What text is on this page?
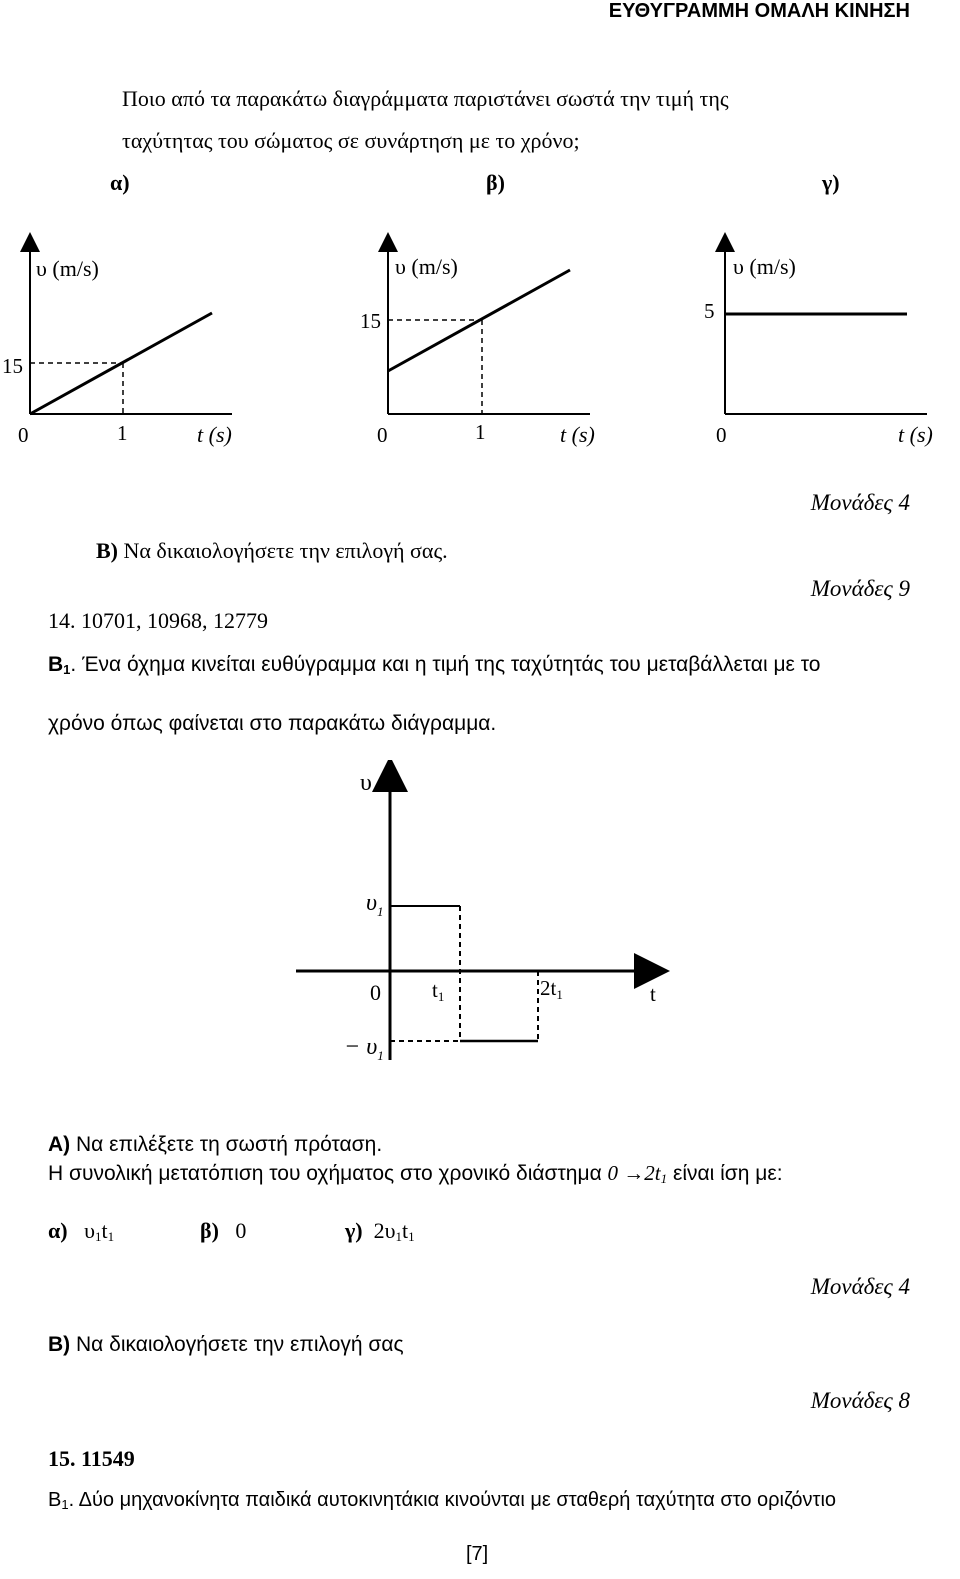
ΕΥΘΥΓΡΑΜΜΗ ΟΜΑΛΗ ΚΙΝΗΣΗ
Ποιο από τα παρακάτω διαγράμματα παριστάνει σωστά την τιμή της
ταχύτητας του σώματος σε συνάρτηση με το χρόνο;
α)	β)	γ)
υ (m/s)
15
0	1	t (s)
υ (m/s)
15
0	1	t (s)
υ (m/s)
5
0	t (s)
Μονάδες 4
Β) Να δικαιολογήσετε την επιλογή σας.
Μονάδες 9
14. 10701, 10968, 12779
$B_1$. Ένα όχημα κινείται ευθύγραμμα και η τιμή της ταχύτητάς του μεταβάλλεται με το
χρόνο όπως φαίνεται στο παρακάτω διάγραμμα.
υ
$\upsilon_1$
0 t1	2t1	t
− $\upsilon_1$
Α) Να επιλέξετε τη σωστή πρόταση.
Η συνολική μετατόπιση του οχήματος στο χρονικό διάστημα $0 \to 2t_1$ είναι ίση με:
α) $\upsilon_1t_1$	β) 0	γ) $2\upsilon_1t_1$
Μονάδες 4
Β) Να δικαιολογήσετε την επιλογή σας
Μονάδες 8
15. 11549
$B_1$. Δύο μηχανοκίνητα παιδικά αυτοκινητάκια κινούνται με σταθερή ταχύτητα στο οριζόντιο
[7]
